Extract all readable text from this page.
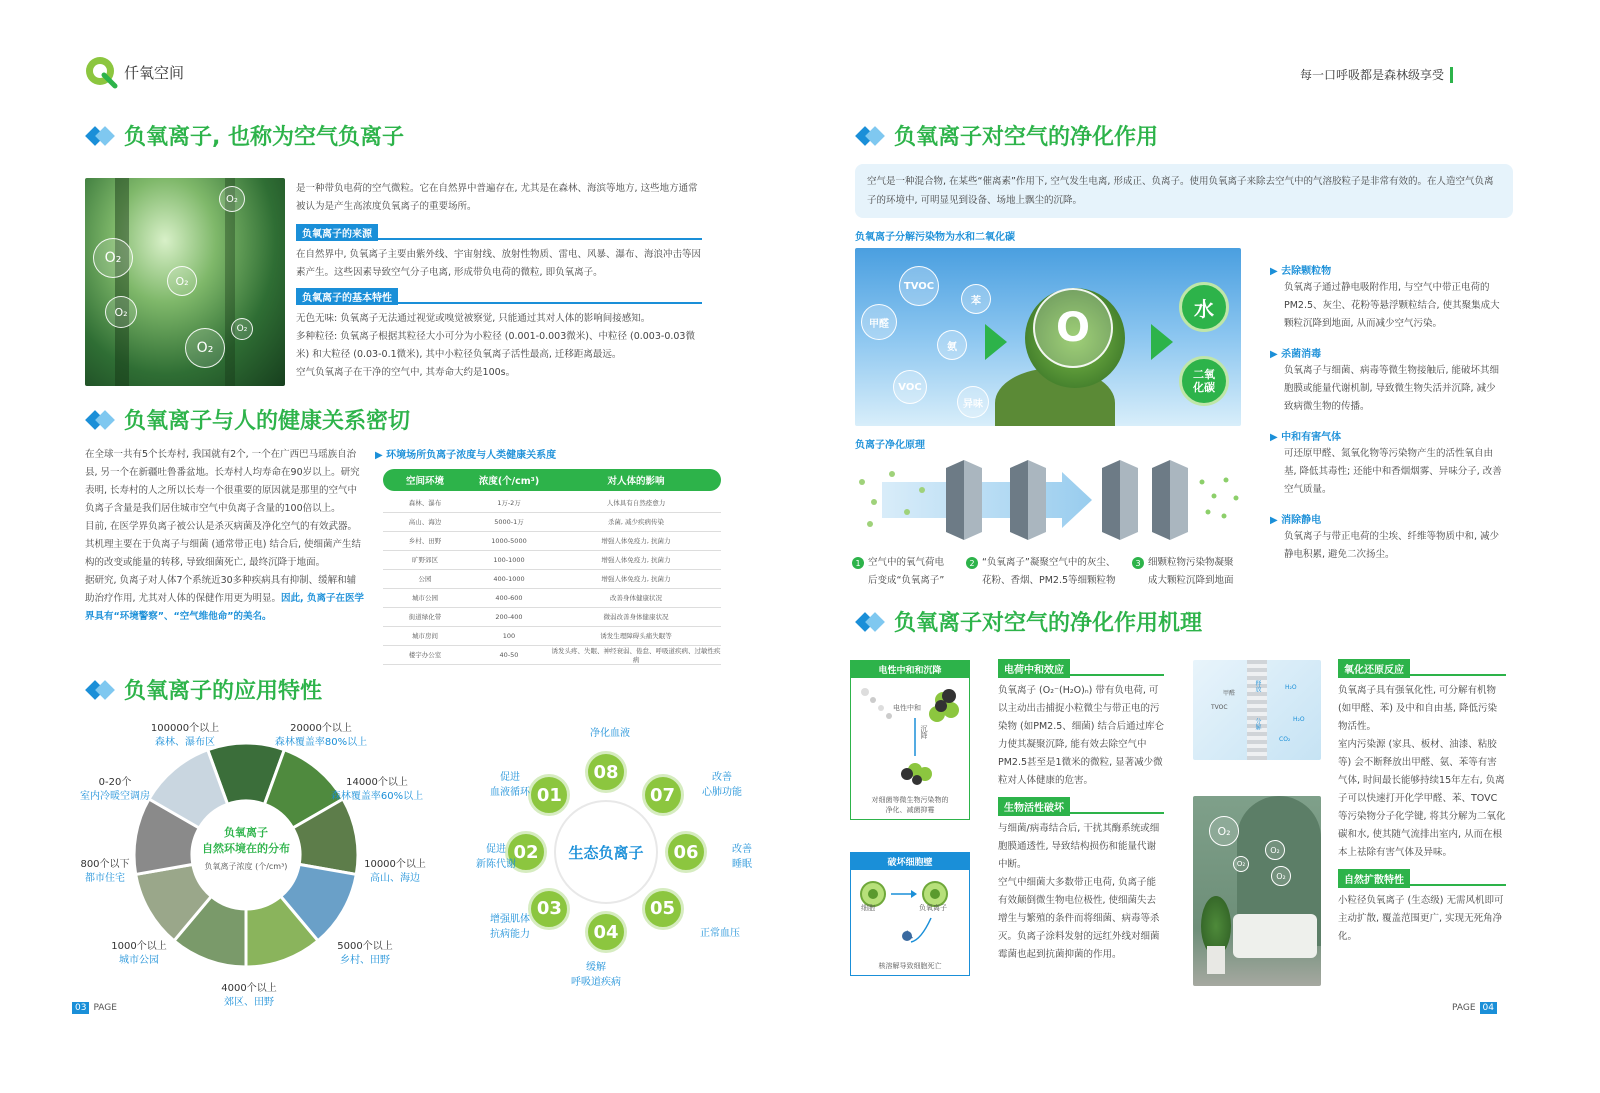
仟氧空间
负氧离子, 也称为空气负离子
O₂
O₂
O₂
O₂
O₂
O₂

是一种带负电荷的空气微粒。它在自然界中普遍存在, 尤其是在森林、海滨等地方, 这些地方通常被认为是产生高浓度负氧离子的重要场所。

负氧离子的来源

在自然界中, 负氧离子主要由紫外线、宇宙射线、放射性物质、雷电、风暴、瀑布、海浪冲击等因素产生。这些因素导致空气分子电离, 形成带负电荷的微粒, 即负氧离子。

负氧离子的基本特性

无色无味: 负氧离子无法通过视觉或嗅觉被察觉, 只能通过其对人体的影响间接感知。

多种粒径: 负氧离子根据其粒径大小可分为小粒径 (0.001-0.003微米)、中粒径 (0.003-0.03微米) 和大粒径 (0.03-0.1微米), 其中小粒径负氧离子活性最高, 迁移距离最远。

空气负氧离子在干净的空气中, 其寿命大约是100s。

负氧离子与人的健康关系密切

在全球一共有5个长寿村, 我国就有2个, 一个在广西巴马瑶族自治县, 另一个在新疆吐鲁番盆地。长寿村人均寿命在90岁以上。研究表明, 长寿村的人之所以长寿一个很重要的原因就是那里的空气中负离子含量是我们居住城市空气中负离子含量的100倍以上。

目前, 在医学界负离子被公认是杀灭病菌及净化空气的有效武器。其机理主要在于负离子与细菌 (通常带正电) 结合后, 使细菌产生结构的改变或能量的转移, 导致细菌死亡, 最终沉降于地面。

据研究, 负离子对人体7个系统近30多种疾病具有抑制、缓解和辅助治疗作用, 尤其对人体的保健作用更为明显。因此, 负离子在医学界具有“环境警察”、“空气维他命”的美名。

▶ 环境场所负离子浓度与人类健康关系度
空间环境	浓度(个/cm³)	对人体的影响
森林、瀑布	1万-2万	人体具有自然痊愈力
高山、海边	5000-1万	杀菌, 减少疾病传染
乡村、田野	1000-5000	增强人体免疫力, 抗菌力
旷野郊区	100-1000	增强人体免疫力, 抗菌力
公园	400-1000	增强人体免疫力, 抗菌力
城市公园	400-600	改善身体健康状况
街道绿化带	200-400	微弱改善身体健康状况
城市房间	100	诱发生理障碍头痛失眠等
楼宇办公室	40-50	诱发头疼、失眠、神经衰弱、倦怠、呼吸道疾病、过敏性疾病
负氧离子的应用特性
负氧离子
自然环境在的分布
负氧离子浓度 (个/cm³)
100000个以上
森林、瀑布区
20000个以上
森林覆盖率80%以上
14000个以上
森林覆盖率60%以上
10000个以上
高山、海边
5000个以上
乡村、田野
4000个以上
郊区、田野
1000个以上
城市公园
800个以下
都市住宅
0-20个
室内冷暖空调房
生态负离子
01
促进
血液循环
02
促进
新陈代谢
03
增强肌体
抗病能力	04
缓解
呼吸道疾病
05
正常血压
06	改善
睡眠
07
改善
心肺功能
08
净化血液
03 PAGE
每一口呼吸都是森林级享受
负氧离子对空气的净化作用

空气是一种混合物, 在某些“催离素”作用下, 空气发生电离, 形成正、负离子。使用负氧离子来除去空气中的气溶胶粒子是非常有效的。在人造空气负离子的环境中, 可明显见到设备、场地上飘尘的沉降。

负氧离子分解污染物为水和二氧化碳
O
TVOC
苯
甲醛
氨
VOC
异味
水
二氧
化碳
负离子净化原理
1 空气中的氧气荷电
后变成“负氧离子”
2 “负氧离子”凝聚空气中的灰尘、
花粉、香烟、PM2.5等细颗粒物
3 细颗粒物污染物凝聚
成大颗粒沉降到地面
▶ 去除颗粒物

负氧离子通过静电吸附作用, 与空气中带正电荷的PM2.5、灰尘、花粉等悬浮颗粒结合, 使其聚集成大颗粒沉降到地面, 从而减少空气污染。

▶ 杀菌消毒

负氧离子与细菌、病毒等微生物接触后, 能破坏其细胞膜或能量代谢机制, 导致微生物失活并沉降, 减少致病微生物的传播。

▶ 中和有害气体

可还原甲醛、氮氧化物等污染物产生的活性氧自由基, 降低其毒性; 还能中和香烟烟雾、异味分子, 改善空气质量。

▶ 消除静电

负氧离子与带正电荷的尘埃、纤维等物质中和, 减少静电积累, 避免二次扬尘。

负氧离子对空气的净化作用机理
电性中和和沉降
电性中和
沉降
对细菌等微生物污染物的
净化、减菌抑霉
破坏细胞壁
细胞	负氧离子
核溶解导致细胞死亡
电荷中和效应

负氧离子 (O₂⁻(H₂O)ₙ) 带有负电荷, 可以主动出击捕捉小粒微尘与带正电的污染物 (如PM2.5、细菌) 结合后通过库仑力使其凝聚沉降, 能有效去除空气中PM2.5甚至是1微米的微粒, 显著减少微粒对人体健康的危害。

生物活性破坏

与细菌/病毒结合后, 干扰其酶系统或细胞膜通透性, 导致结构损伤和能量代谢中断。

空气中细菌大多数带正电荷, 负离子能有效颠倒微生物电位极性, 使细菌失去增生与繁殖的条件而将细菌、病毒等杀灭。负离子涂料发射的远红外线对细菌霉菌也起到抗菌抑菌的作用。

甲醛
TVOC
释放
分解
H₂O
H₂O
CO₂
O₂
O₂
O₂
O₂
氧化还原反应

负氧离子具有强氧化性, 可分解有机物 (如甲醛、苯) 及中和自由基, 降低污染物活性。

室内污染源 (家具、板材、油漆、粘胶等) 会不断释放出甲醛、氨、苯等有害气体, 时间最长能够持续15年左右, 负离子可以快速打开化学甲醛、苯、TOVC等污染物分子化学键, 将其分解为二氧化碳和水, 使其随气流排出室内, 从而在根本上祛除有害气体及异味。

自然扩散特性

小粒径负氧离子 (生态级) 无需风机即可主动扩散, 覆盖范围更广, 实现无死角净化。

PAGE 04
